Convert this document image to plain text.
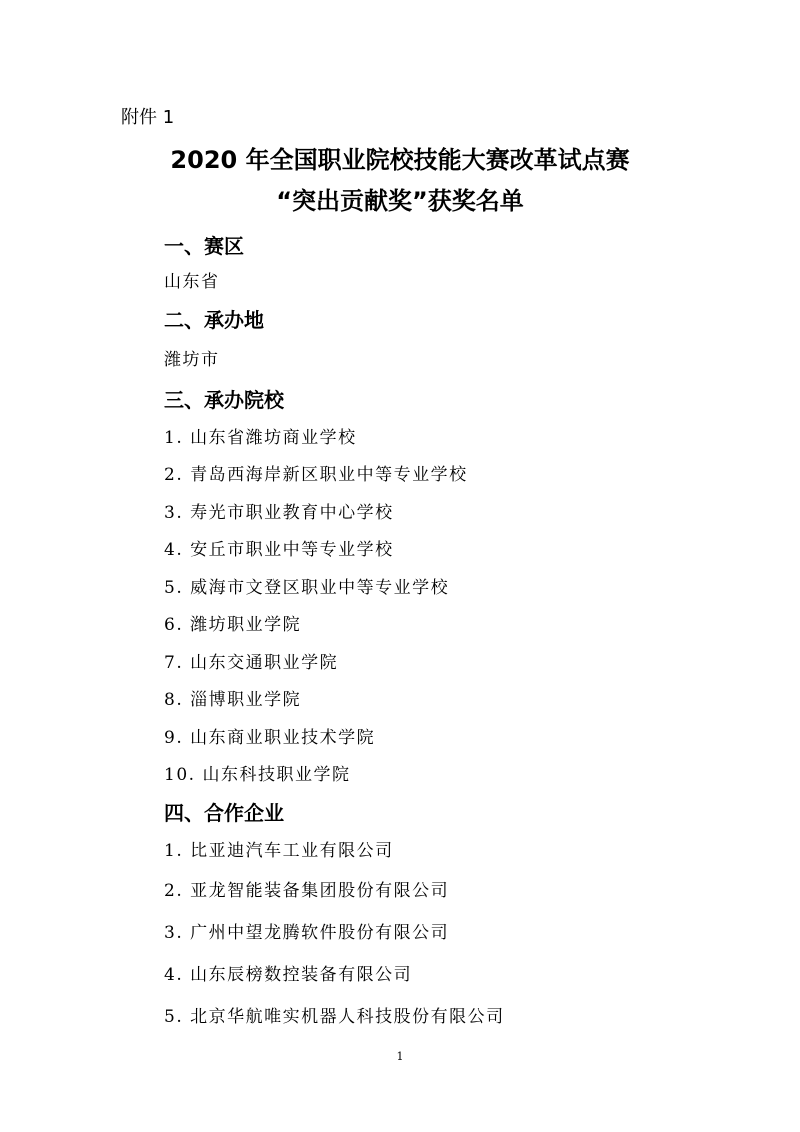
附件 1
2020 年全国职业院校技能大赛改革试点赛
“突出贡献奖”获奖名单
一、赛区
山东省
二、承办地
潍坊市
三、承办院校
1. 山东省潍坊商业学校
2. 青岛西海岸新区职业中等专业学校
3. 寿光市职业教育中心学校
4. 安丘市职业中等专业学校
5. 威海市文登区职业中等专业学校
6. 潍坊职业学院
7. 山东交通职业学院
8. 淄博职业学院
9. 山东商业职业技术学院
10. 山东科技职业学院
四、合作企业
1. 比亚迪汽车工业有限公司
2. 亚龙智能装备集团股份有限公司
3. 广州中望龙腾软件股份有限公司
4. 山东辰榜数控装备有限公司
5. 北京华航唯实机器人科技股份有限公司
1
